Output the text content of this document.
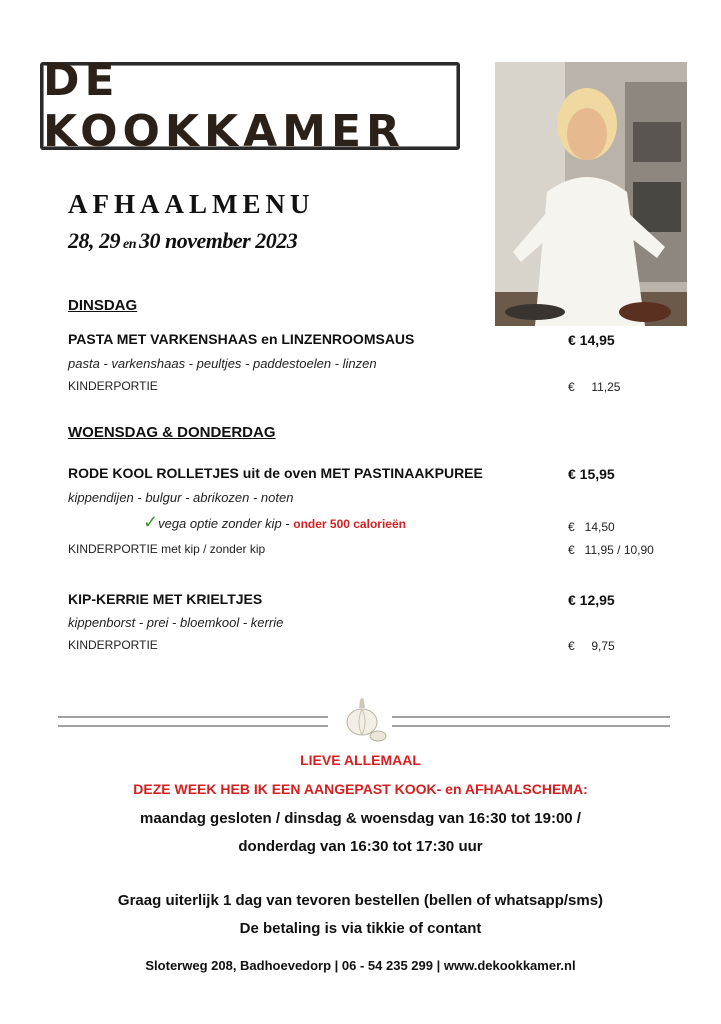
DE KOOKKAMER
AFHAALMENU
28, 29 en 30 november 2023
DINSDAG
PASTA MET VARKENSHAAS en LINZENROOMSAUS	€ 14,95
pasta - varkenshaas - peultjes - paddestoelen - linzen
KINDERPORTIE	€     11,25
WOENSDAG & DONDERDAG
RODE KOOL ROLLETJES uit de oven MET PASTINAAKPUREE	€ 15,95
kippendijen - bulgur - abrikozen - noten
✓vega optie zonder kip - onder 500 calorieën	€   14,50
KINDERPORTIE met kip / zonder kip	€   11,95 / 10,90
KIP-KERRIE MET KRIELTJES	€ 12,95
kippenborst - prei - bloemkool - kerrie
KINDERPORTIE	€     9,75
LIEVE ALLEMAAL
DEZE WEEK HEB IK EEN AANGEPAST KOOK- en AFHAALSCHEMA:
maandag gesloten / dinsdag & woensdag van 16:30 tot 19:00 /
donderdag van 16:30 tot 17:30 uur
Graag uiterlijk 1 dag van tevoren bestellen (bellen of whatsapp/sms)
De betaling is via tikkie of contant
Sloterweg 208, Badhoevedorp | 06 - 54 235 299 | www.dekookkamer.nl
